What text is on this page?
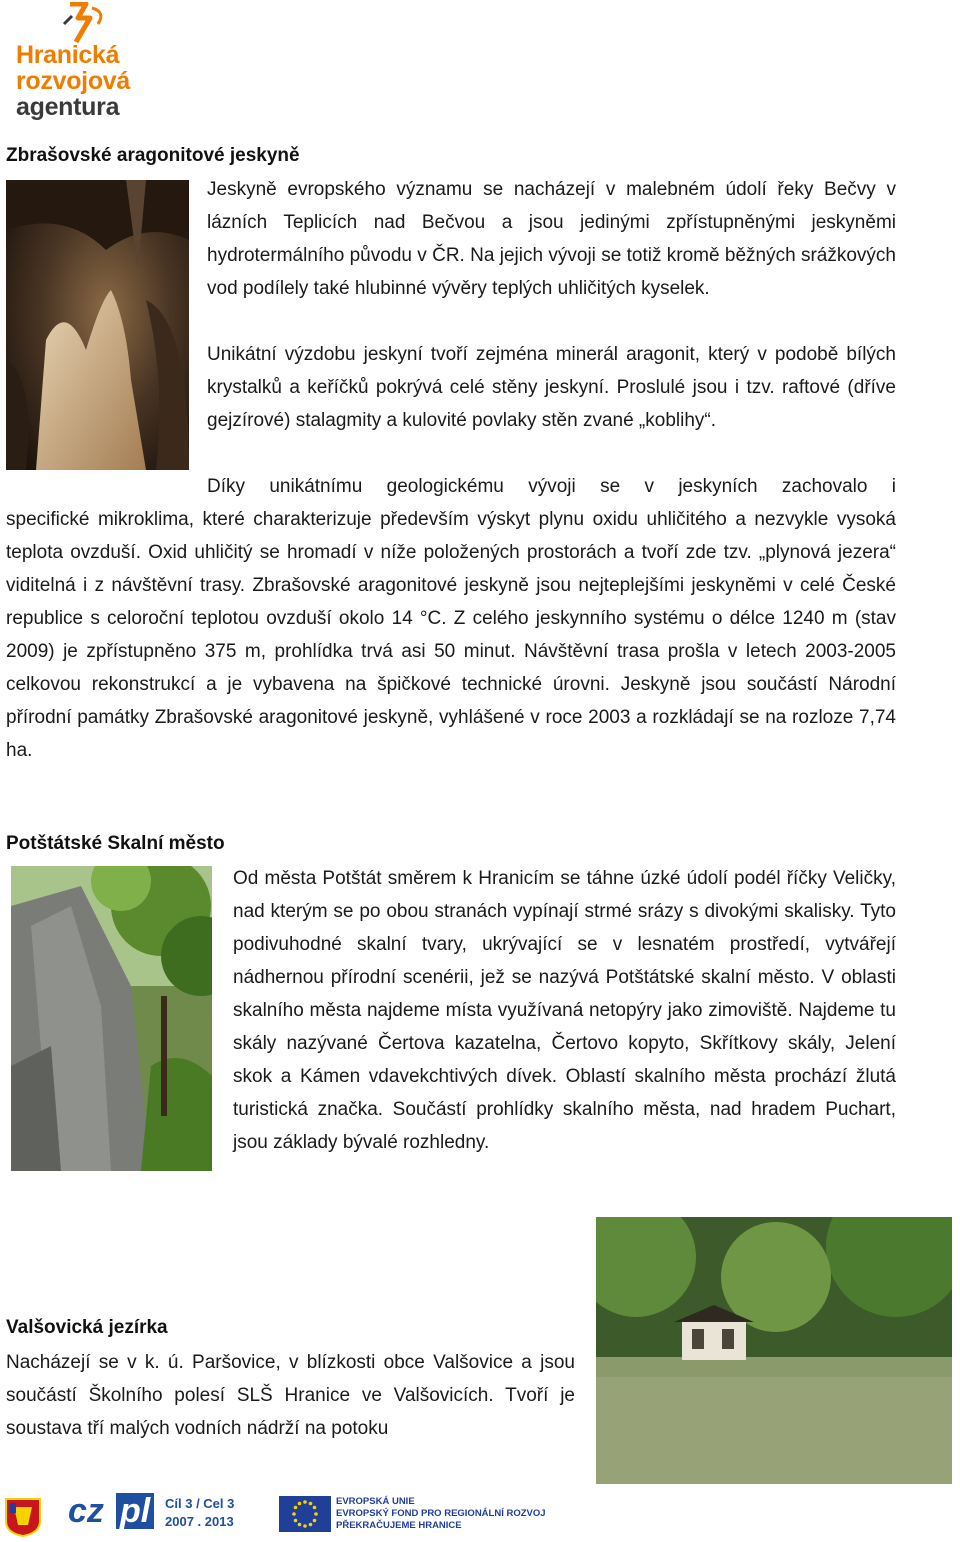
Hranická
rozvojová
agentura
Zbrašovské aragonitové jeskyně
Jeskyně evropského významu se nacházejí v malebném údolí řeky Bečvy v lázních Teplicích nad Bečvou a jsou jedinými zpřístupněnými jeskyněmi hydrotermálního původu v ČR. Na jejich vývoji se totiž kromě běžných srážkových vod podílely také hlubinné vývěry teplých uhličitých kyselek.
Unikátní výzdobu jeskyní tvoří zejména minerál aragonit, který v podobě bílých krystalků a keříčků pokrývá celé stěny jeskyní. Proslulé jsou i tzv. raftové (dříve gejzírové) stalagmity a kulovité povlaky stěn zvané „koblihy“.
Díky unikátnímu geologickému vývoji se v jeskyních zachovalo i
specifické mikroklima, které charakterizuje především výskyt plynu oxidu uhličitého a nezvykle vysoká teplota ovzduší. Oxid uhličitý se hromadí v níže položených prostorách a tvoří zde tzv. „plynová jezera“ viditelná i z návštěvní trasy. Zbrašovské aragonitové jeskyně jsou nejteplejšími jeskyněmi v celé České republice s celoroční teplotou ovzduší okolo 14 °C. Z celého jeskynního systému o délce 1240 m (stav 2009) je zpřístupněno 375 m, prohlídka trvá asi 50 minut. Návštěvní trasa prošla v letech 2003-2005 celkovou rekonstrukcí a je vybavena na špičkové technické úrovni. Jeskyně jsou součástí Národní přírodní památky Zbrašovské aragonitové jeskyně, vyhlášené v roce 2003 a rozkládají se na rozloze 7,74 ha.
Potštátské Skalní město
Od města Potštát směrem k Hranicím se táhne úzké údolí podél říčky Veličky, nad kterým se po obou stranách vypínají strmé srázy s divokými skalisky. Tyto podivuhodné skalní tvary, ukrývající se v lesnatém prostředí, vytvářejí nádhernou přírodní scenérii, jež se nazývá Potštátské skalní město. V oblasti skalního města najdeme místa využívaná netopýry jako zimoviště. Najdeme tu skály nazývané Čertova kazatelna, Čertovo kopyto, Skřítkovy skály, Jelení skok a Kámen vdavekchtivých dívek. Oblastí skalního města prochází žlutá turistická značka. Součástí prohlídky skalního města, nad hradem Puchart, jsou základy bývalé rozhledny.
Valšovická jezírka
Nacházejí se v k. ú. Paršovice, v blízkosti obce Valšovice a jsou součástí Školního polesí SLŠ Hranice ve Valšovicích. Tvoří je soustava tří malých vodních nádrží na potoku
cz pl	Cíl 3 / Cel 3
2007 . 2013
EVROPSKÁ UNIE
EVROPSKÝ FOND PRO REGIONÁLNÍ ROZVOJ
PŘEKRAČUJEME HRANICE
